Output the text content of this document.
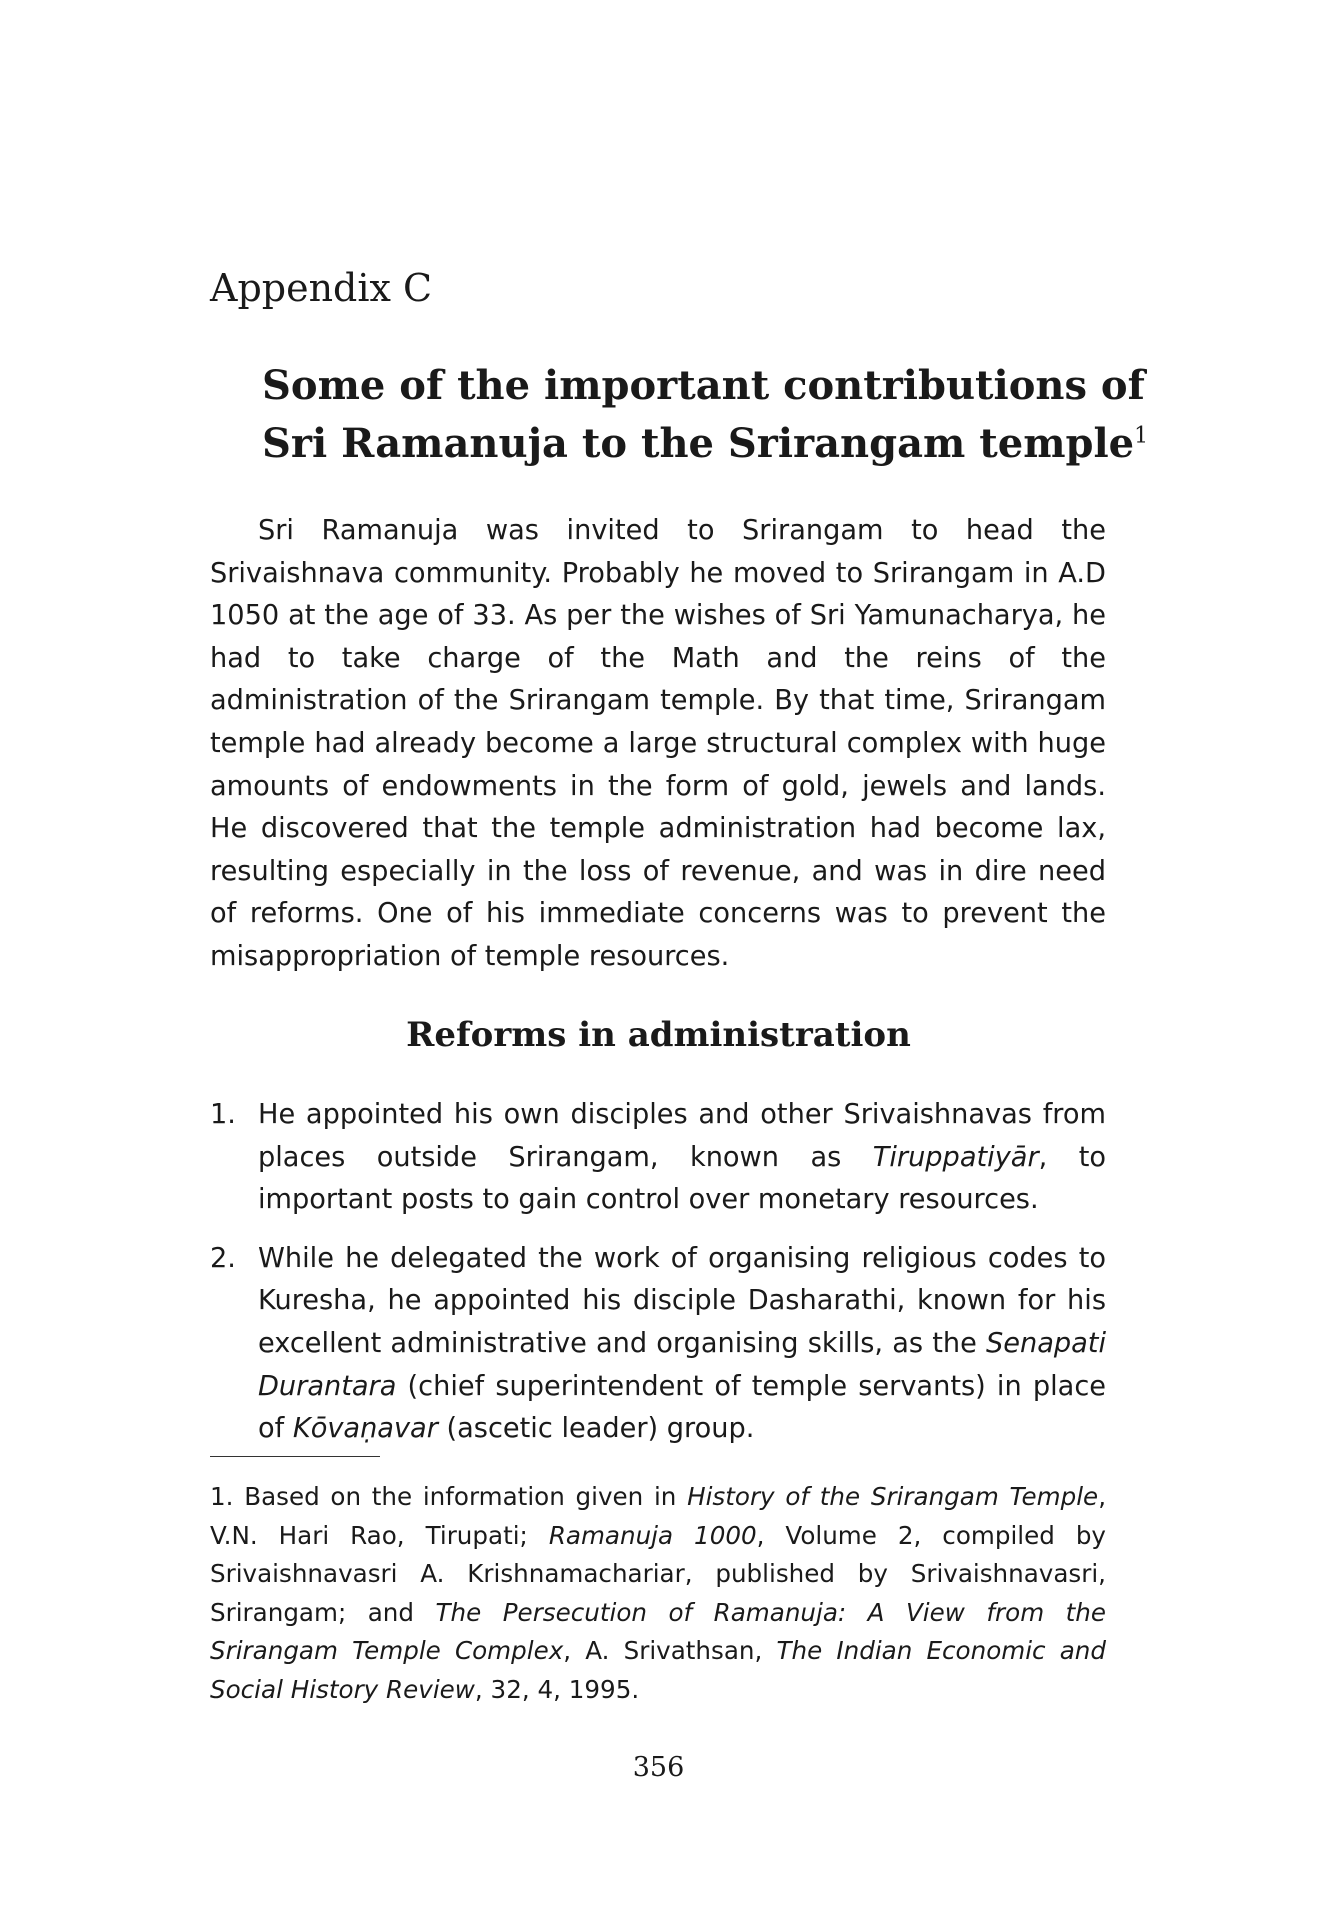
Appendix C
Some of the important contributions of
Sri Ramanuja to the Srirangam temple$^1$

Sri Ramanuja was invited to Srirangam to head the Srivaishnava community. Probably he moved to Srirangam in A.D 1050 at the age of 33. As per the wishes of Sri Yamunacharya, he had to take charge of the Math and the reins of the administration of the Srirangam temple. By that time, Srirangam temple had already become a large structural complex with huge amounts of endowments in the form of gold, jewels and lands. He discovered that the temple administration had become lax, resulting especially in the loss of revenue, and was in dire need of reforms. One of his immediate concerns was to prevent the misappropriation of temple resources.

Reforms in administration
1. He appointed his own disciples and other Srivaishnavas from places outside Srirangam, known as Tiruppatiyār, to important posts to gain control over monetary resources.
2. While he delegated the work of organising religious codes to Kuresha, he appointed his disciple Dasharathi, known for his excellent administrative and organising skills, as the Senapati Durantara (chief superintendent of temple servants) in place of Kōvaṇavar (ascetic leader) group.

1. Based on the information given in History of the Srirangam Temple, V.N. Hari Rao, Tirupati; Ramanuja 1000, Volume 2, compiled by Srivaishnavasri A. Krishnamachariar, published by Srivaishnavasri, Srirangam; and The Persecution of Ramanuja: A View from the Srirangam Temple Complex, A. Srivathsan, The Indian Economic and Social History Review, 32, 4, 1995.

356
